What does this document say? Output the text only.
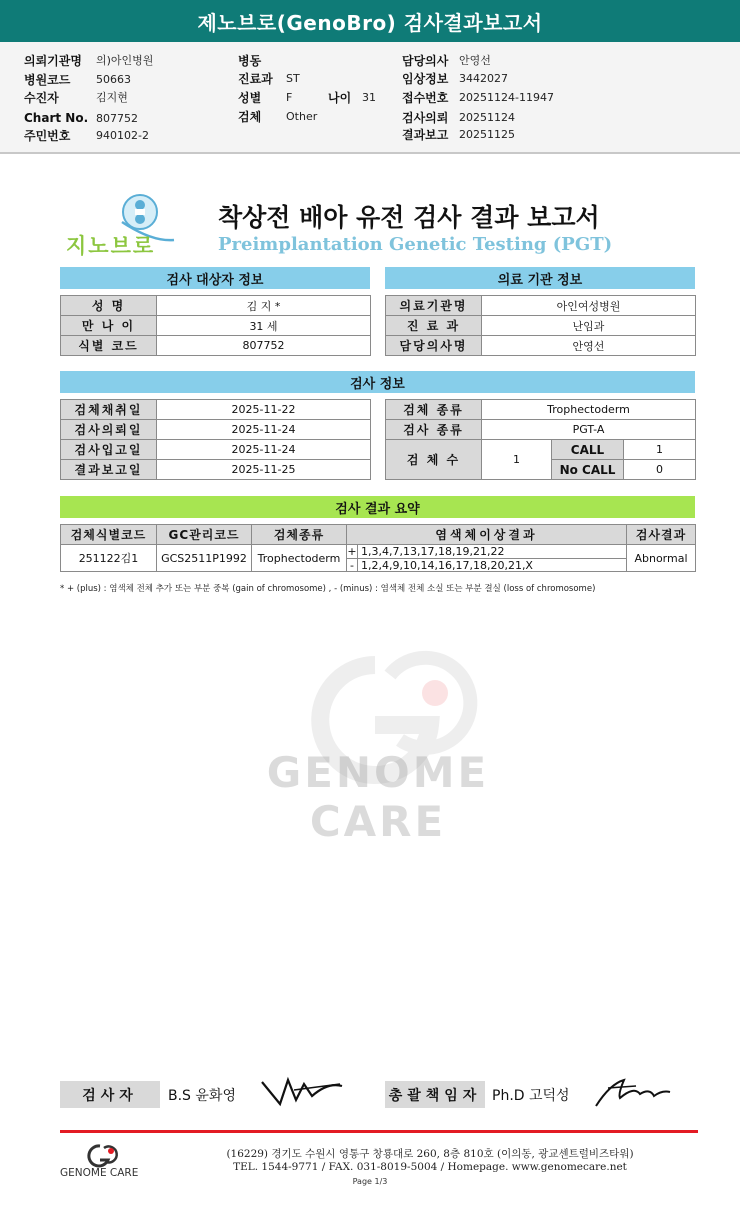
제노브로(GenoBro) 검사결과보고서
의뢰기관명 의)아인병원
병원코드 50663
수진자	김지현
Chart No. 807752
주민번호 940102-2
병동
진료과 ST
성별 F	나이 31
검체 Other
담당의사 안영선
임상정보 3442027
접수번호 20251124-11947
검사의뢰 20251124
결과보고 20251125
지노브로
착상전 배아 유전 검사 결과 보고서
Preimplantation Genetic Testing (PGT)
검사 대상자 정보	의료 기관 정보
성 명	김 지 *
만 나 이	31 세
식별 코드	807752
의료기관명	아인여성병원
진 료 과	난임과
담당의사명	안영선
검사 정보
검체채취일	2025-11-22
검사의뢰일	2025-11-24
검사입고일	2025-11-24
결과보고일	2025-11-25
검체 종류	Trophectoderm		
검사 종류	PGT-A		
검 체 수	1	CALL	1
		No CALL	0
검사 결과 요약
검체식별코드	GC관리코드	검체종류	염색체이상결과	검사결과
251122김1	GCS2511P1992	Trophectoderm	+ 1,3,4,7,13,17,18,19,21,22
- 1,2,4,9,10,14,16,17,18,20,21,X	Abnormal
* + (plus) : 염색체 전체 추가 또는 부분 중복 (gain of chromosome) , - (minus) : 염색체 전체 소실 또는 부분 결실 (loss of chromosome)
GENOME CARE
검사자	B.S 윤화영	총괄책임자 Ph.D 고덕성
GENOME CARE
(16229) 경기도 수원시 영통구 창룡대로 260, 8층 810호 (이의동, 광교센트럴비즈타워)
TEL. 1544-9771 / FAX. 031-8019-5004 / Homepage. www.genomecare.net
Page 1/3
